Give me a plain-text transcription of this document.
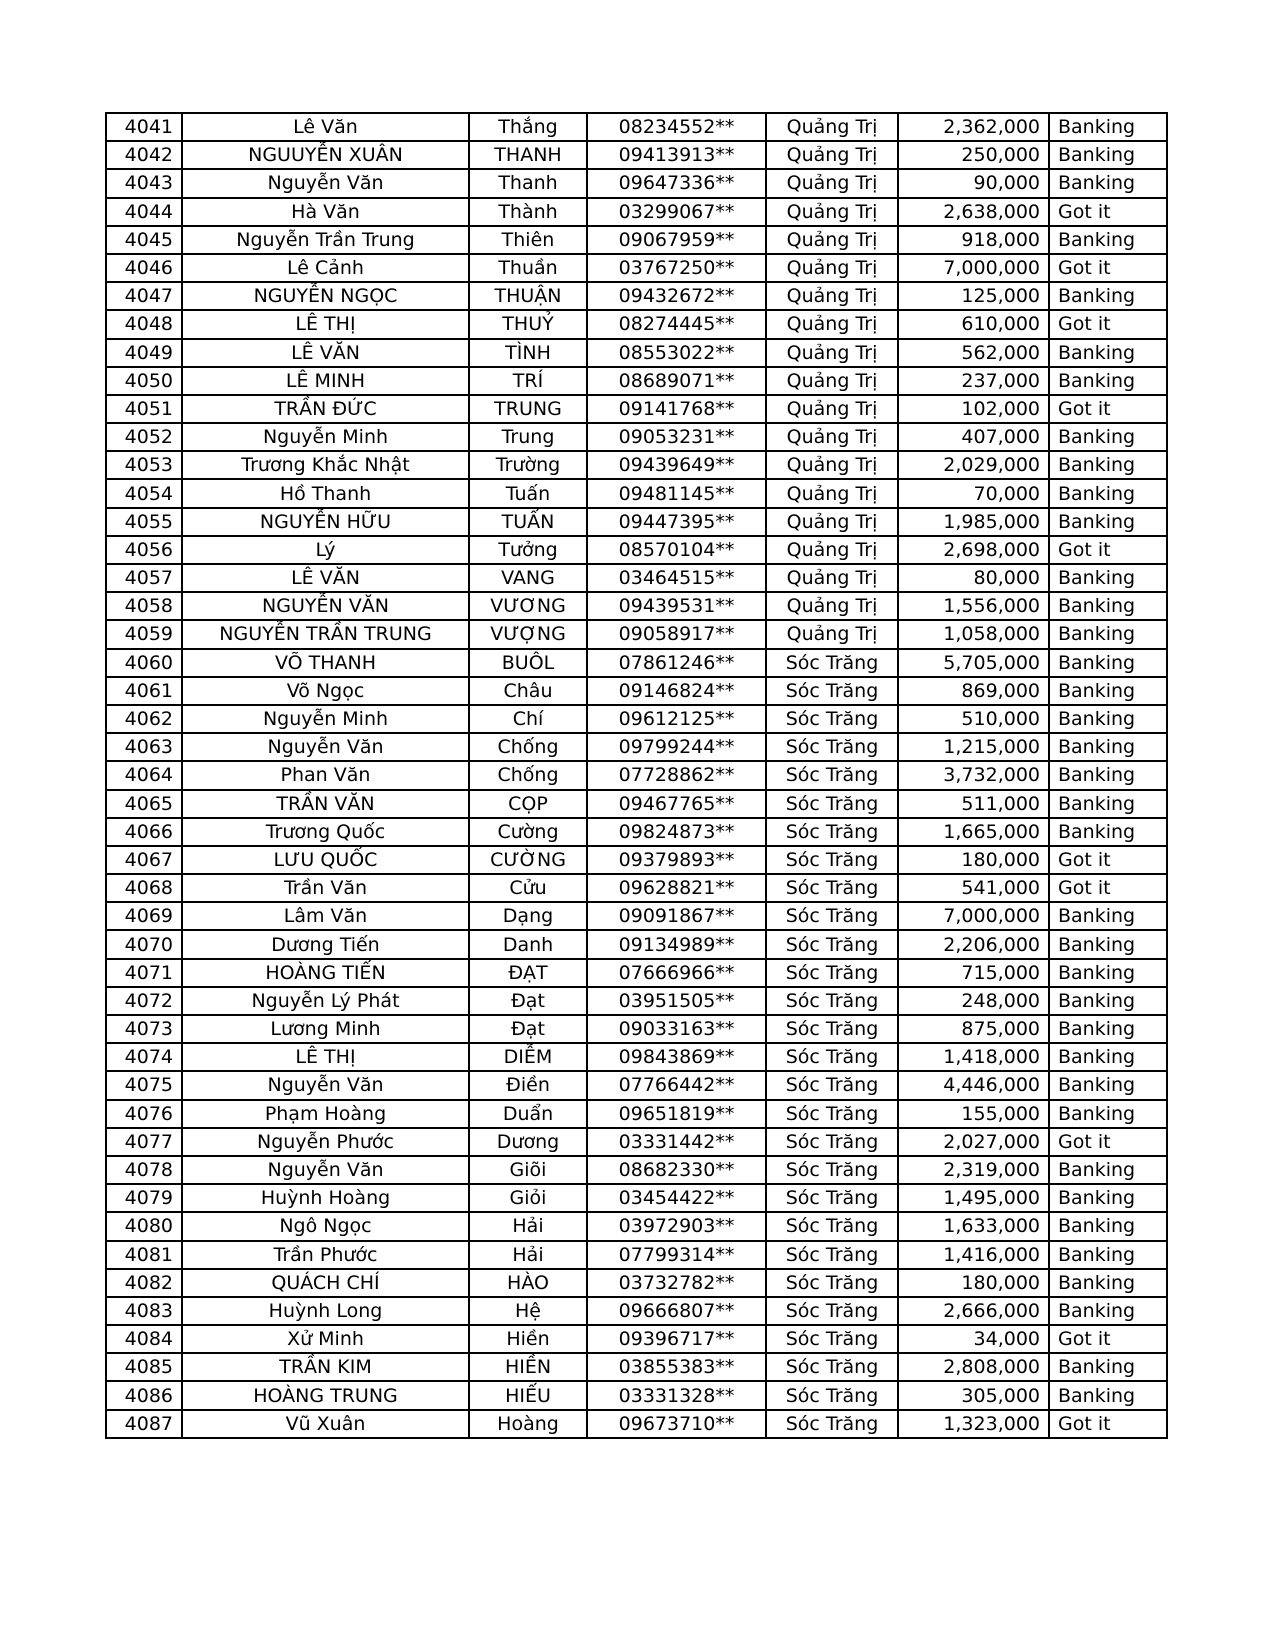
4041	Lê Văn	Thắng	08234552**	Quảng Trị	2,362,000	Banking
4042	NGUUYỄN XUÂN	THANH	09413913**	Quảng Trị	250,000	Banking
4043	Nguyễn Văn	Thanh	09647336**	Quảng Trị	90,000	Banking
4044	Hà Văn	Thành	03299067**	Quảng Trị	2,638,000	Got it
4045	Nguyễn Trần Trung	Thiên	09067959**	Quảng Trị	918,000	Banking
4046	Lê Cảnh	Thuần	03767250**	Quảng Trị	7,000,000	Got it
4047	NGUYỄN NGỌC	THUẬN	09432672**	Quảng Trị	125,000	Banking
4048	LÊ THỊ	THUỶ	08274445**	Quảng Trị	610,000	Got it
4049	LÊ VĂN	TÌNH	08553022**	Quảng Trị	562,000	Banking
4050	LÊ MINH	TRÍ	08689071**	Quảng Trị	237,000	Banking
4051	TRẦN ĐỨC	TRUNG	09141768**	Quảng Trị	102,000	Got it
4052	Nguyễn Minh	Trung	09053231**	Quảng Trị	407,000	Banking
4053	Trương Khắc Nhật	Trường	09439649**	Quảng Trị	2,029,000	Banking
4054	Hồ Thanh	Tuấn	09481145**	Quảng Trị	70,000	Banking
4055	NGUYỄN HỮU	TUẤN	09447395**	Quảng Trị	1,985,000	Banking
4056	Lý	Tưởng	08570104**	Quảng Trị	2,698,000	Got it
4057	LÊ VĂN	VANG	03464515**	Quảng Trị	80,000	Banking
4058	NGUYỄN VĂN	VƯƠNG	09439531**	Quảng Trị	1,556,000	Banking
4059	NGUYỄN TRẦN TRUNG	VƯỢNG	09058917**	Quảng Trị	1,058,000	Banking
4060	VÕ THANH	BUÔL	07861246**	Sóc Trăng	5,705,000	Banking
4061	Võ Ngọc	Châu	09146824**	Sóc Trăng	869,000	Banking
4062	Nguyễn Minh	Chí	09612125**	Sóc Trăng	510,000	Banking
4063	Nguyễn Văn	Chống	09799244**	Sóc Trăng	1,215,000	Banking
4064	Phan Văn	Chống	07728862**	Sóc Trăng	3,732,000	Banking
4065	TRẦN VĂN	CỌP	09467765**	Sóc Trăng	511,000	Banking
4066	Trương Quốc	Cường	09824873**	Sóc Trăng	1,665,000	Banking
4067	LƯU QUỐC	CƯỜNG	09379893**	Sóc Trăng	180,000	Got it
4068	Trần Văn	Cửu	09628821**	Sóc Trăng	541,000	Got it
4069	Lâm Văn	Dạng	09091867**	Sóc Trăng	7,000,000	Banking
4070	Dương Tiến	Danh	09134989**	Sóc Trăng	2,206,000	Banking
4071	HOÀNG TIẾN	ĐẠT	07666966**	Sóc Trăng	715,000	Banking
4072	Nguyễn Lý Phát	Đạt	03951505**	Sóc Trăng	248,000	Banking
4073	Lương Minh	Đạt	09033163**	Sóc Trăng	875,000	Banking
4074	LÊ THỊ	DIỄM	09843869**	Sóc Trăng	1,418,000	Banking
4075	Nguyễn Văn	Điền	07766442**	Sóc Trăng	4,446,000	Banking
4076	Phạm Hoàng	Duẩn	09651819**	Sóc Trăng	155,000	Banking
4077	Nguyễn Phước	Dương	03331442**	Sóc Trăng	2,027,000	Got it
4078	Nguyễn Văn	Giõi	08682330**	Sóc Trăng	2,319,000	Banking
4079	Huỳnh Hoàng	Giỏi	03454422**	Sóc Trăng	1,495,000	Banking
4080	Ngô Ngọc	Hải	03972903**	Sóc Trăng	1,633,000	Banking
4081	Trần Phước	Hải	07799314**	Sóc Trăng	1,416,000	Banking
4082	QUÁCH CHÍ	HÀO	03732782**	Sóc Trăng	180,000	Banking
4083	Huỳnh Long	Hệ	09666807**	Sóc Trăng	2,666,000	Banking
4084	Xử Minh	Hiền	09396717**	Sóc Trăng	34,000	Got it
4085	TRẦN KIM	HIỀN	03855383**	Sóc Trăng	2,808,000	Banking
4086	HOÀNG TRUNG	HIẾU	03331328**	Sóc Trăng	305,000	Banking
4087	Vũ Xuân	Hoàng	09673710**	Sóc Trăng	1,323,000	Got it
